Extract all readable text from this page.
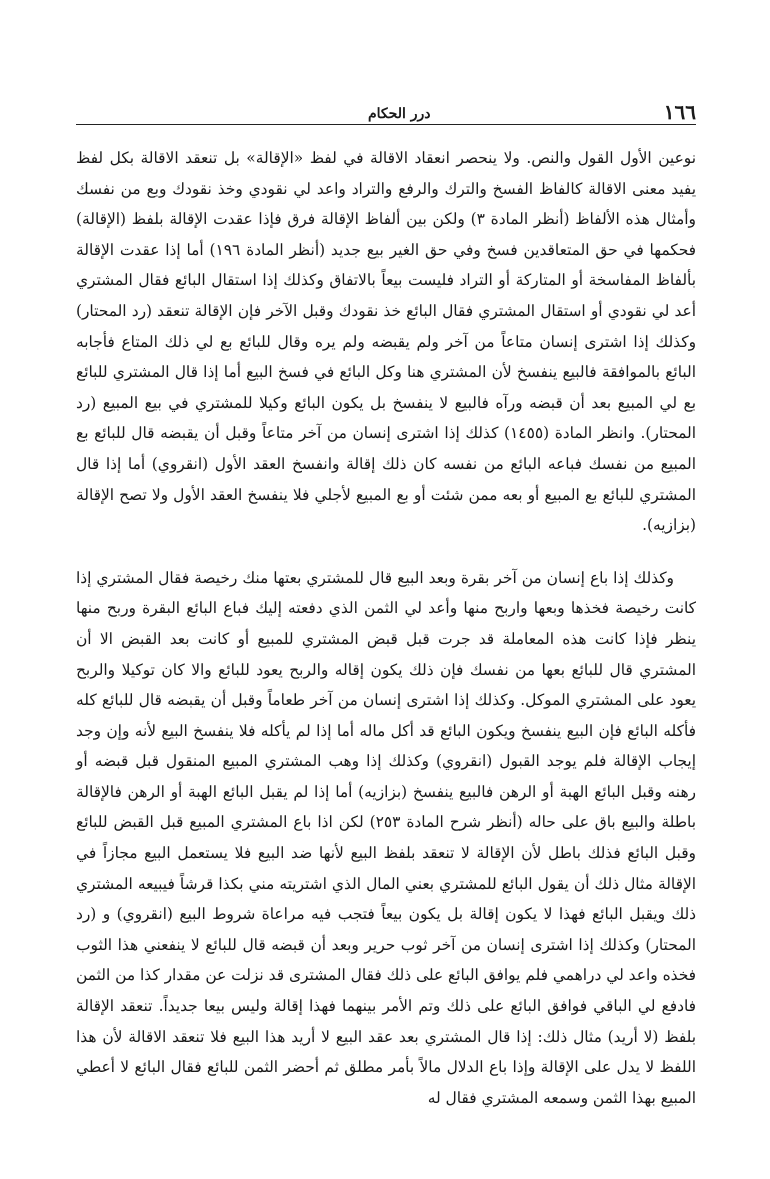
١٦٦
درر الحكام

نوعين الأول القول والنص. ولا ينحصر انعقاد الاقالة في لفظ «الإقالة» بل تنعقد الاقالة بكل لفظ يفيد معنى الاقالة كالفاظ الفسخ والترك والرفع والتراد واعد لي نقودي وخذ نقودك وبع من نفسك وأمثال هذه الألفاظ (أنظر المادة ٣) ولكن بين ألفاظ الإقالة فرق فإذا عقدت الإقالة بلفظ (الإقالة) فحكمها في حق المتعاقدين فسخ وفي حق الغير بيع جديد (أنظر المادة ١٩٦) أما إذا عقدت الإقالة بألفاظ المفاسخة أو المتاركة أو التراد فليست بيعاً بالاتفاق وكذلك إذا استقال البائع فقال المشتري أعد لي نقودي أو استقال المشتري فقال البائع خذ نقودك وقبل الآخر فإن الإقالة تنعقد (رد المحتار) وكذلك إذا اشترى إنسان متاعاً من آخر ولم يقبضه ولم يره وقال للبائع بع لي ذلك المتاع فأجابه البائع بالموافقة فالبيع ينفسخ لأن المشتري هنا وكل البائع في فسخ البيع أما إذا قال المشتري للبائع بع لي المبيع بعد أن قبضه ورآه فالبيع لا ينفسخ بل يكون البائع وكيلا للمشتري في بيع المبيع (رد المحتار). وانظر المادة (١٤٥٥) كذلك إذا اشترى إنسان من آخر متاعاً وقبل أن يقبضه قال للبائع بع المبيع من نفسك فباعه البائع من نفسه كان ذلك إقالة وانفسخ العقد الأول (انقروي) أما إذا قال المشتري للبائع بع المبيع أو بعه ممن شئت أو بع المبيع لأجلي فلا ينفسخ العقد الأول ولا تصح الإقالة (بزازيه).

وكذلك إذا باع إنسان من آخر بقرة وبعد البيع قال للمشتري بعتها منك رخيصة فقال المشتري إذا كانت رخيصة فخذها وبعها واربح منها وأعد لي الثمن الذي دفعته إليك فباع البائع البقرة وربح منها ينظر فإذا كانت هذه المعاملة قد جرت قبل قبض المشتري للمبيع أو كانت بعد القبض الا أن المشتري قال للبائع بعها من نفسك فإن ذلك يكون إقاله والربح يعود للبائع والا كان توكيلا والربح يعود على المشتري الموكل. وكذلك إذا اشترى إنسان من آخر طعاماً وقبل أن يقبضه قال للبائع كله فأكله البائع فإن البيع ينفسخ ويكون البائع قد أكل ماله أما إذا لم يأكله فلا ينفسخ البيع لأنه وإن وجد إيجاب الإقالة فلم يوجد القبول (انقروي) وكذلك إذا وهب المشتري المبيع المنقول قبل قبضه أو رهنه وقبل البائع الهبة أو الرهن فالبيع ينفسخ (بزازيه) أما إذا لم يقبل البائع الهبة أو الرهن فالإقالة باطلة والبيع باق على حاله (أنظر شرح المادة ٢٥٣) لكن اذا باع المشتري المبيع قبل القبض للبائع وقبل البائع فذلك باطل لأن الإقالة لا تنعقد بلفظ البيع لأنها ضد البيع فلا يستعمل البيع مجازاً في الإقالة مثال ذلك أن يقول البائع للمشتري بعني المال الذي اشتريته مني بكذا قرشاً فيبيعه المشتري ذلك ويقبل البائع فهذا لا يكون إقالة بل يكون بيعاً فتجب فيه مراعاة شروط البيع (انقروي) و (رد المحتار) وكذلك إذا اشترى إنسان من آخر ثوب حرير وبعد أن قبضه قال للبائع لا ينفعني هذا الثوب فخذه واعد لي دراهمي فلم يوافق البائع على ذلك فقال المشترى قد نزلت عن مقدار كذا من الثمن فادفع لي الباقي فوافق البائع على ذلك وتم الأمر بينهما فهذا إقالة وليس بيعا جديداً. تنعقد الإقالة بلفظ (لا أريد) مثال ذلك: إذا قال المشتري بعد عقد البيع لا أريد هذا البيع فلا تنعقد الاقالة لأن هذا اللفظ لا يدل على الإقالة وإذا باع الدلال مالاً بأمر مطلق ثم أحضر الثمن للبائع فقال البائع لا أعطي المبيع بهذا الثمن وسمعه المشتري فقال له
